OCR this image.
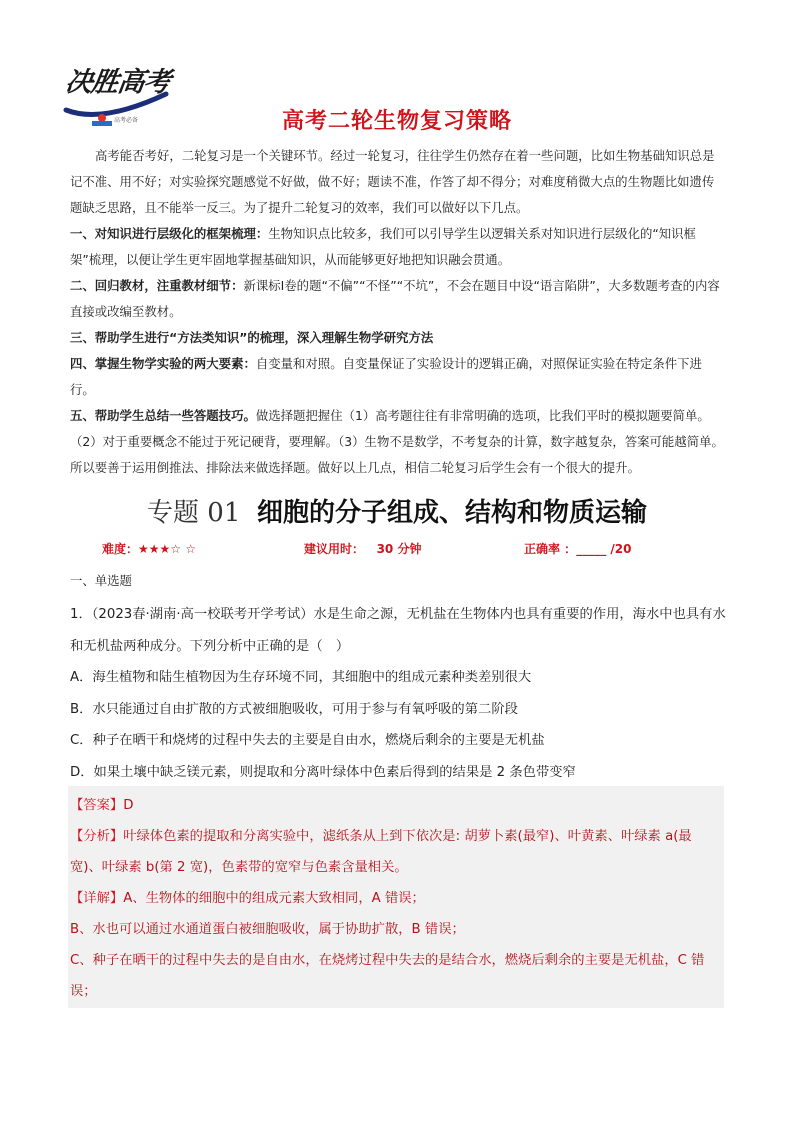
决胜高考
高考必备	高考二轮生物复习策略

高考能否考好，二轮复习是一个关键环节。经过一轮复习，往往学生仍然存在着一些问题，比如生物基础知识总是记不准、用不好；对实验探究题感觉不好做，做不好；题读不准，作答了却不得分；对难度稍微大点的生物题比如遗传题缺乏思路，且不能举一反三。为了提升二轮复习的效率，我们可以做好以下几点。

一、对知识进行层级化的框架梳理：生物知识点比较多，我们可以引导学生以逻辑关系对知识进行层级化的“知识框架”梳理，以便让学生更牢固地掌握基础知识，从而能够更好地把知识融会贯通。

二、回归教材，注重教材细节：新课标Ⅰ卷的题“不偏”“不怪”“不坑”，不会在题目中设“语言陷阱”，大多数题考查的内容直接或改编至教材。

三、帮助学生进行“方法类知识”的梳理，深入理解生物学研究方法

四、掌握生物学实验的两大要素：自变量和对照。自变量保证了实验设计的逻辑正确，对照保证实验在特定条件下进行。

五、帮助学生总结一些答题技巧。做选择题把握住（1）高考题往往有非常明确的选项，比我们平时的模拟题要简单。（2）对于重要概念不能过于死记硬背，要理解。（3）生物不是数学，不考复杂的计算，数字越复杂，答案可能越简单。所以要善于运用倒推法、排除法来做选择题。做好以上几点，相信二轮复习后学生会有一个很大的提升。

专题 01 细胞的分子组成、结构和物质运输
难度：★★★☆ ☆	建议用时： 30 分钟	正确率 ：_____ /20
一、单选题

1．（2023春·湖南·高一校联考开学考试）水是生命之源，无机盐在生物体内也具有重要的作用，海水中也具有水和无机盐两种成分。下列分析中正确的是（　）

A．海生植物和陆生植物因为生存环境不同，其细胞中的组成元素种类差别很大

B．水只能通过自由扩散的方式被细胞吸收，可用于参与有氧呼吸的第二阶段

C．种子在晒干和烧烤的过程中失去的主要是自由水，燃烧后剩余的主要是无机盐

D．如果土壤中缺乏镁元素，则提取和分离叶绿体中色素后得到的结果是 2 条色带变窄

【答案】D

【分析】叶绿体色素的提取和分离实验中，滤纸条从上到下依次是: 胡萝卜素(最窄)、叶黄素、叶绿素 a(最宽)、叶绿素 b(第 2 宽)，色素带的宽窄与色素含量相关。

【详解】A、生物体的细胞中的组成元素大致相同，A 错误；

B、水也可以通过水通道蛋白被细胞吸收，属于协助扩散，B 错误；

C、种子在晒干的过程中失去的是自由水，在烧烤过程中失去的是结合水，燃烧后剩余的主要是无机盐，C 错误；
